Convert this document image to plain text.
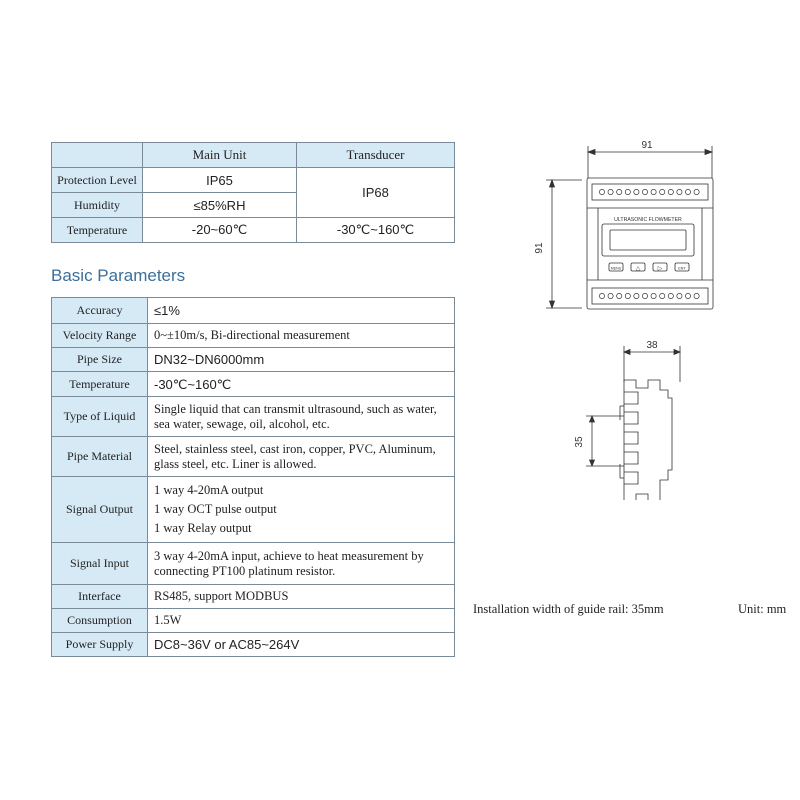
	Main Unit	Transducer
Protection Level	IP65	IP68
Humidity	≤85%RH	
Temperature	-20~60℃	-30℃~160℃
Basic Parameters
Accuracy	≤1%
Velocity Range	0~±10m/s, Bi-directional measurement
Pipe Size	DN32~DN6000mm
Temperature	-30℃~160℃
Type of Liquid	Single liquid that can transmit ultrasound, such as water, sea water, sewage, oil, alcohol, etc.
Pipe Material	Steel, stainless steel, cast iron, copper, PVC, Aluminum, glass steel, etc. Liner is allowed.
Signal Output	1 way 4-20mA output
1 way OCT pulse output
1 way Relay output

Signal Input	3 way 4-20mA input, achieve to heat measurement by connecting PT100 platinum resistor.
Interface	RS485, support MODBUS
Consumption	1.5W
Power Supply	DC8~36V or AC85~264V
91
91
ULTRASONIC FLOWMETER
MENU △	▷	ENT
38
35
Installation width of guide rail: 35mm	Unit: mm
